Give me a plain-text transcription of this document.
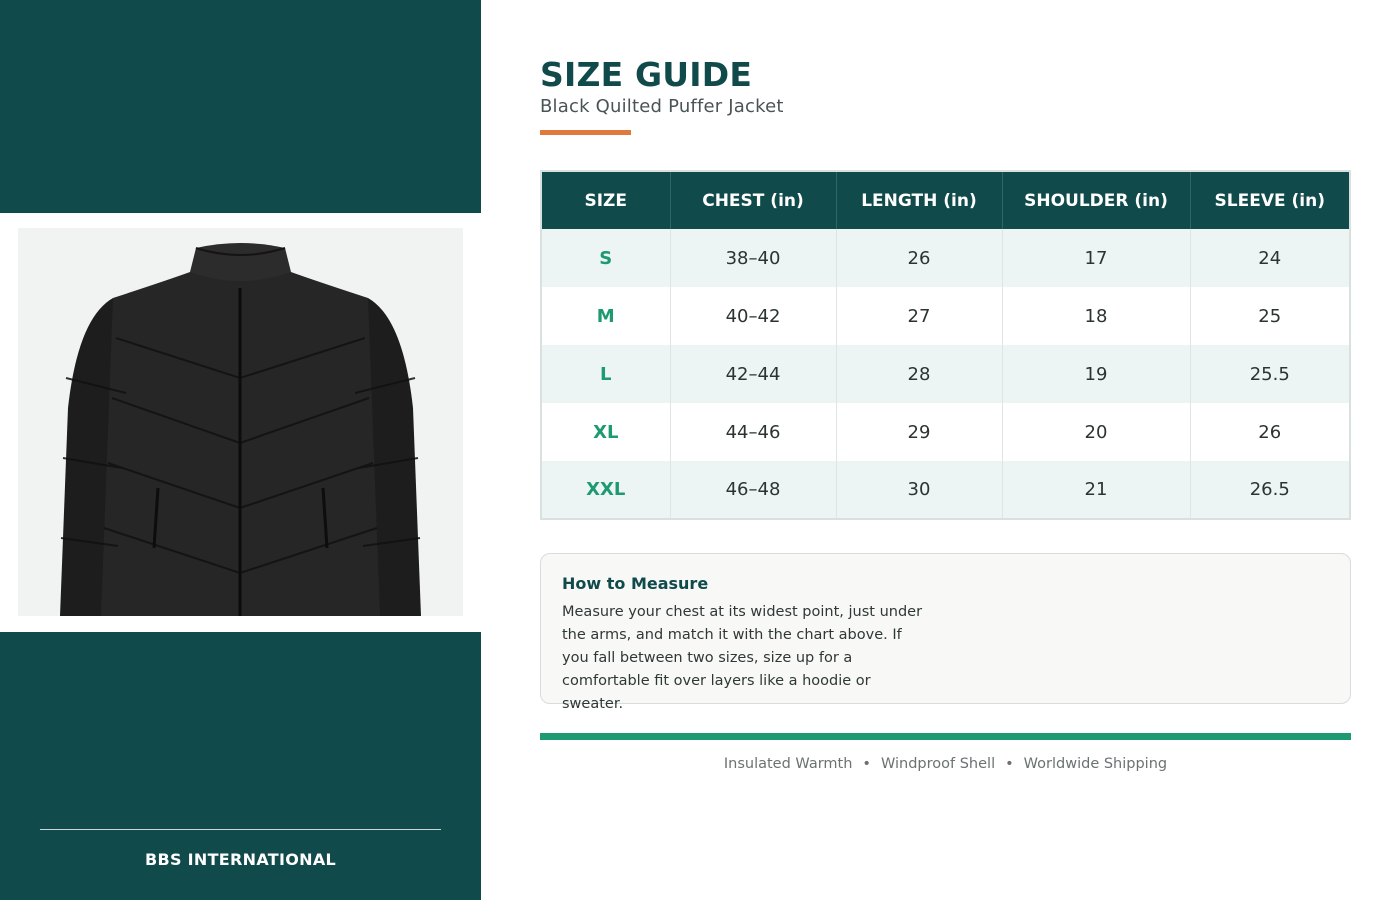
BBS INTERNATIONAL
SIZE GUIDE
Black Quilted Puffer Jacket
SIZE	CHEST (in)	LENGTH (in)	SHOULDER (in)	SLEEVE (in)
S	38–40	26	17	24
M	40–42	27	18	25
L	42–44	28	19	25.5
XL	44–46	29	20	26
XXL	46–48	30	21	26.5
How to Measure
Measure your chest at its widest point, just under the arms, and match it with the chart above. If you fall between two sizes, size up for a comfortable fit over layers like a hoodie or sweater.
Insulated Warmth • Windproof Shell • Worldwide Shipping
